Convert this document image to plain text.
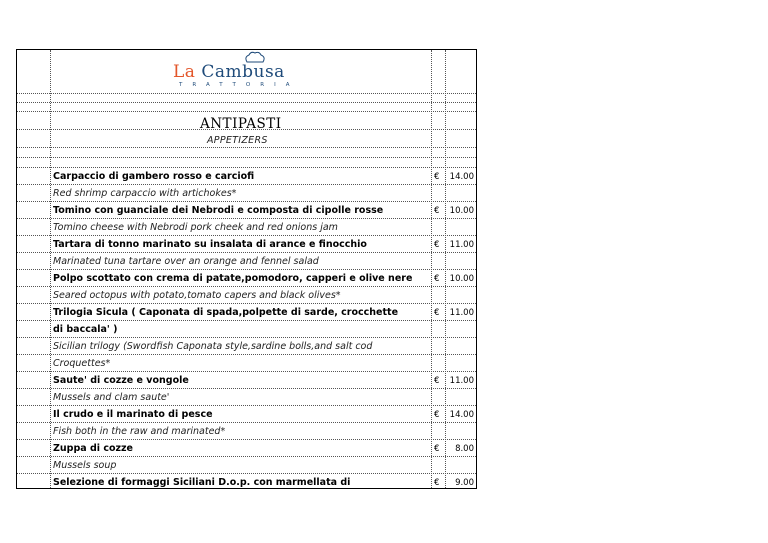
La Cambusa
TRATTORIA
ANTIPASTI
APPETIZERS
Carpaccio di gambero rosso e carciofi	€ 14.00
Red shrimp carpaccio with artichokes*
Tomino con guanciale dei Nebrodi e composta di cipolle rosse	€ 10.00
Tomino cheese with Nebrodi pork cheek and red onions jam
Tartara di tonno marinato su insalata di arance e finocchio	€ 11.00
Marinated tuna tartare over an orange and fennel salad
Polpo scottato con crema di patate,pomodoro, capperi e olive nere	€ 10.00
Seared octopus with potato,tomato capers and black olives*
Trilogia Sicula ( Caponata di spada,polpette di sarde, crocchette	€ 11.00
di baccala' )
Sicilian trilogy (Swordfish Caponata style,sardine bolls,and salt cod
Croquettes*
Saute' di cozze e vongole	€ 11.00
Mussels and clam saute'
Il crudo e il marinato di pesce	€ 14.00
Fish both in the raw and marinated*
Zuppa di cozze	€ 8.00
Mussels soup
Selezione di formaggi Siciliani D.o.p. con marmellata di	€ 9.00
